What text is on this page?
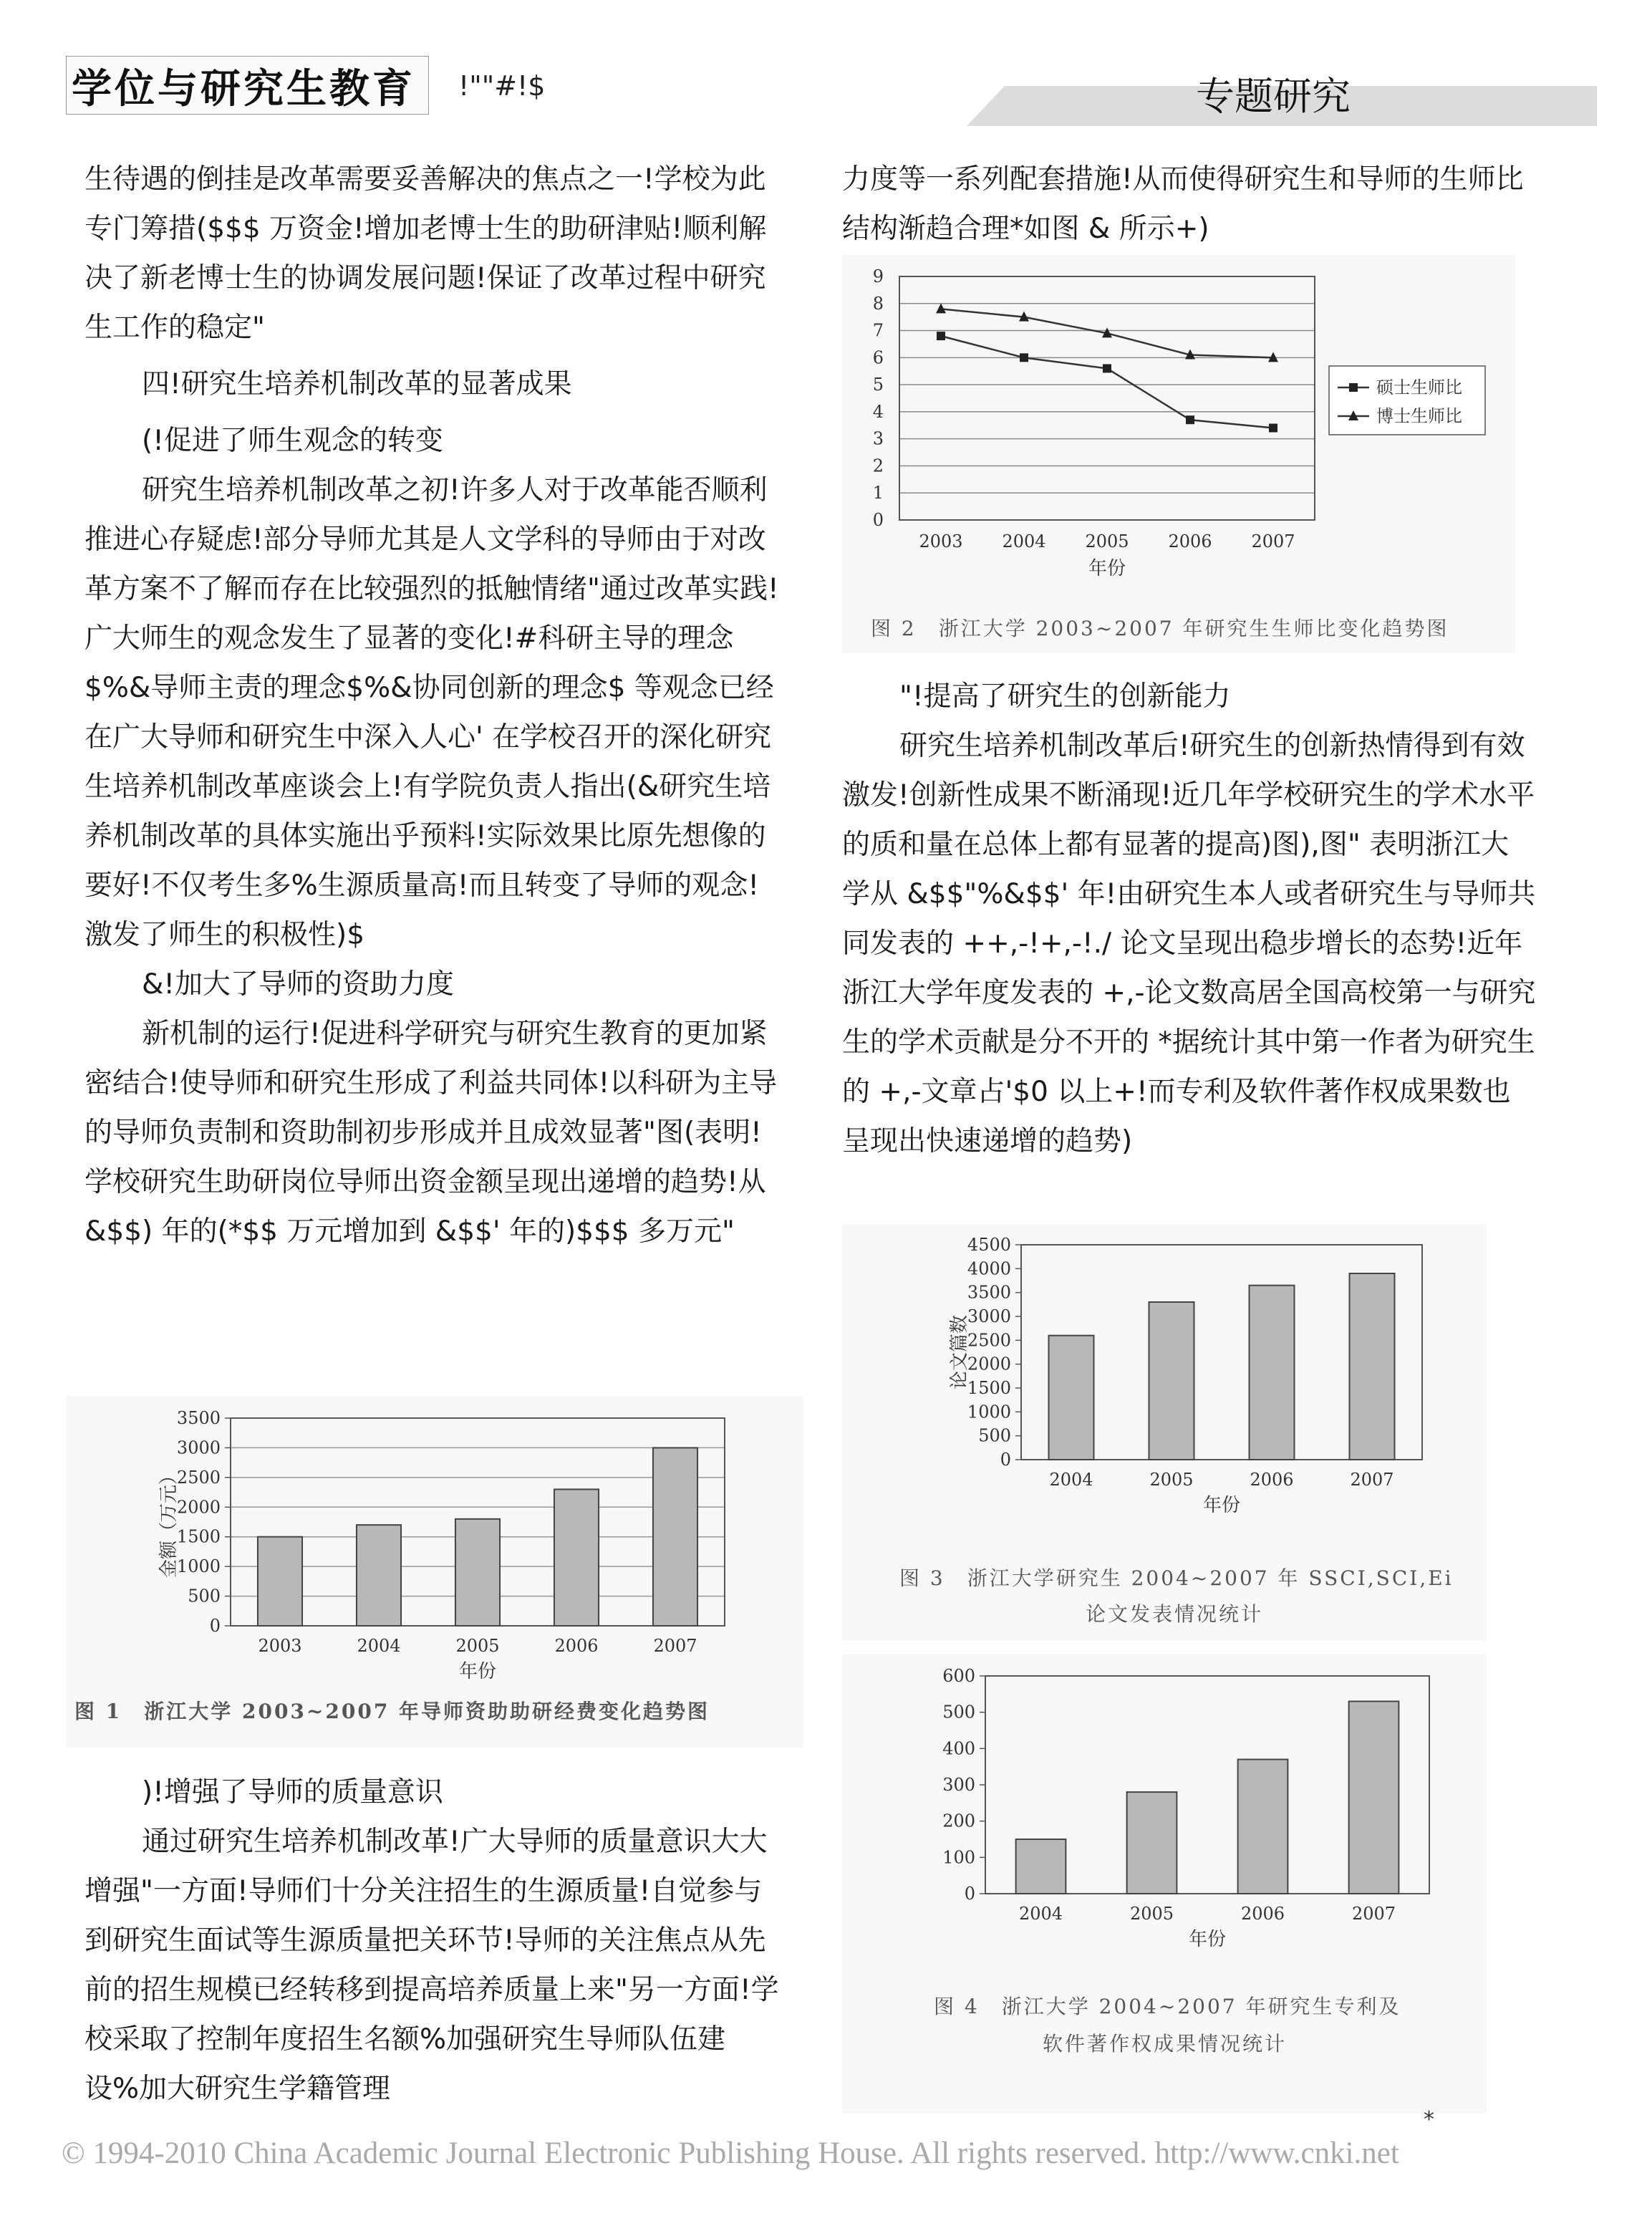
学位与研究生教育 !""#!$	专题研究

生待遇的倒挂是改革需要妥善解决的焦点之一!学校为此专门筹措($$$ 万资金!增加老博士生的助研津贴!顺利解决了新老博士生的协调发展问题!保证了改革过程中研究生工作的稳定"

四!研究生培养机制改革的显著成果

(!促进了师生观念的转变

研究生培养机制改革之初!许多人对于改革能否顺利推进心存疑虑!部分导师尤其是人文学科的导师由于对改革方案不了解而存在比较强烈的抵触情绪"通过改革实践!广大师生的观念发生了显著的变化!#科研主导的理念$%&导师主责的理念$%&协同创新的理念$ 等观念已经在广大导师和研究生中深入人心' 在学校召开的深化研究生培养机制改革座谈会上!有学院负责人指出(&研究生培养机制改革的具体实施出乎预料!实际效果比原先想像的要好!不仅考生多%生源质量高!而且转变了导师的观念!激发了师生的积极性)$

&!加大了导师的资助力度

新机制的运行!促进科学研究与研究生教育的更加紧密结合!使导师和研究生形成了利益共同体!以科研为主导的导师负责制和资助制初步形成并且成效显著"图(表明!学校研究生助研岗位导师出资金额呈现出递增的趋势!从 &$$) 年的(*$$ 万元增加到 &$$' 年的)$$$ 多万元"

0
500
1000
1500
2000
2500
3000
3500
2003	2004	2005	2006	2007
年份
金额（万元）
图 1　浙江大学 2003~2007 年导师资助助研经费变化趋势图

)!增强了导师的质量意识

通过研究生培养机制改革!广大导师的质量意识大大增强"一方面!导师们十分关注招生的生源质量!自觉参与到研究生面试等生源质量把关环节!导师的关注焦点从先前的招生规模已经转移到提高培养质量上来"另一方面!学校采取了控制年度招生名额%加强研究生导师队伍建设%加大研究生学籍管理

力度等一系列配套措施!从而使得研究生和导师的生师比结构渐趋合理*如图 & 所示+)

0
1
2
3
4
5
6
7
8
9
2003 2004 2005 2006 2007
年份
硕士生师比
博士生师比
图 2　浙江大学 2003~2007 年研究生生师比变化趋势图

"!提高了研究生的创新能力

研究生培养机制改革后!研究生的创新热情得到有效激发!创新性成果不断涌现!近几年学校研究生的学术水平的质和量在总体上都有显著的提高)图),图" 表明浙江大学从 &$$"%&$$' 年!由研究生本人或者研究生与导师共同发表的 ++,-!+,-!./ 论文呈现出稳步增长的态势!近年浙江大学年度发表的 +,-论文数高居全国高校第一与研究生的学术贡献是分不开的 *据统计其中第一作者为研究生的 +,-文章占'$0 以上+!而专利及软件著作权成果数也呈现出快速递增的趋势)

0
500
1000
1500
2000
2500
3000
3500
4000
4500
2004	2005	2006	2007
年份
论文篇数
图 3　浙江大学研究生 2004~2007 年 SSCI,SCI,Ei
论文发表情况统计
0
100
200
300
400
500
600
2004	2005	2006	2007
年份
图 4　浙江大学 2004~2007 年研究生专利及
软件著作权成果情况统计
*
© 1994-2010 China Academic Journal Electronic Publishing House. All rights reserved. http://www.cnki.net
